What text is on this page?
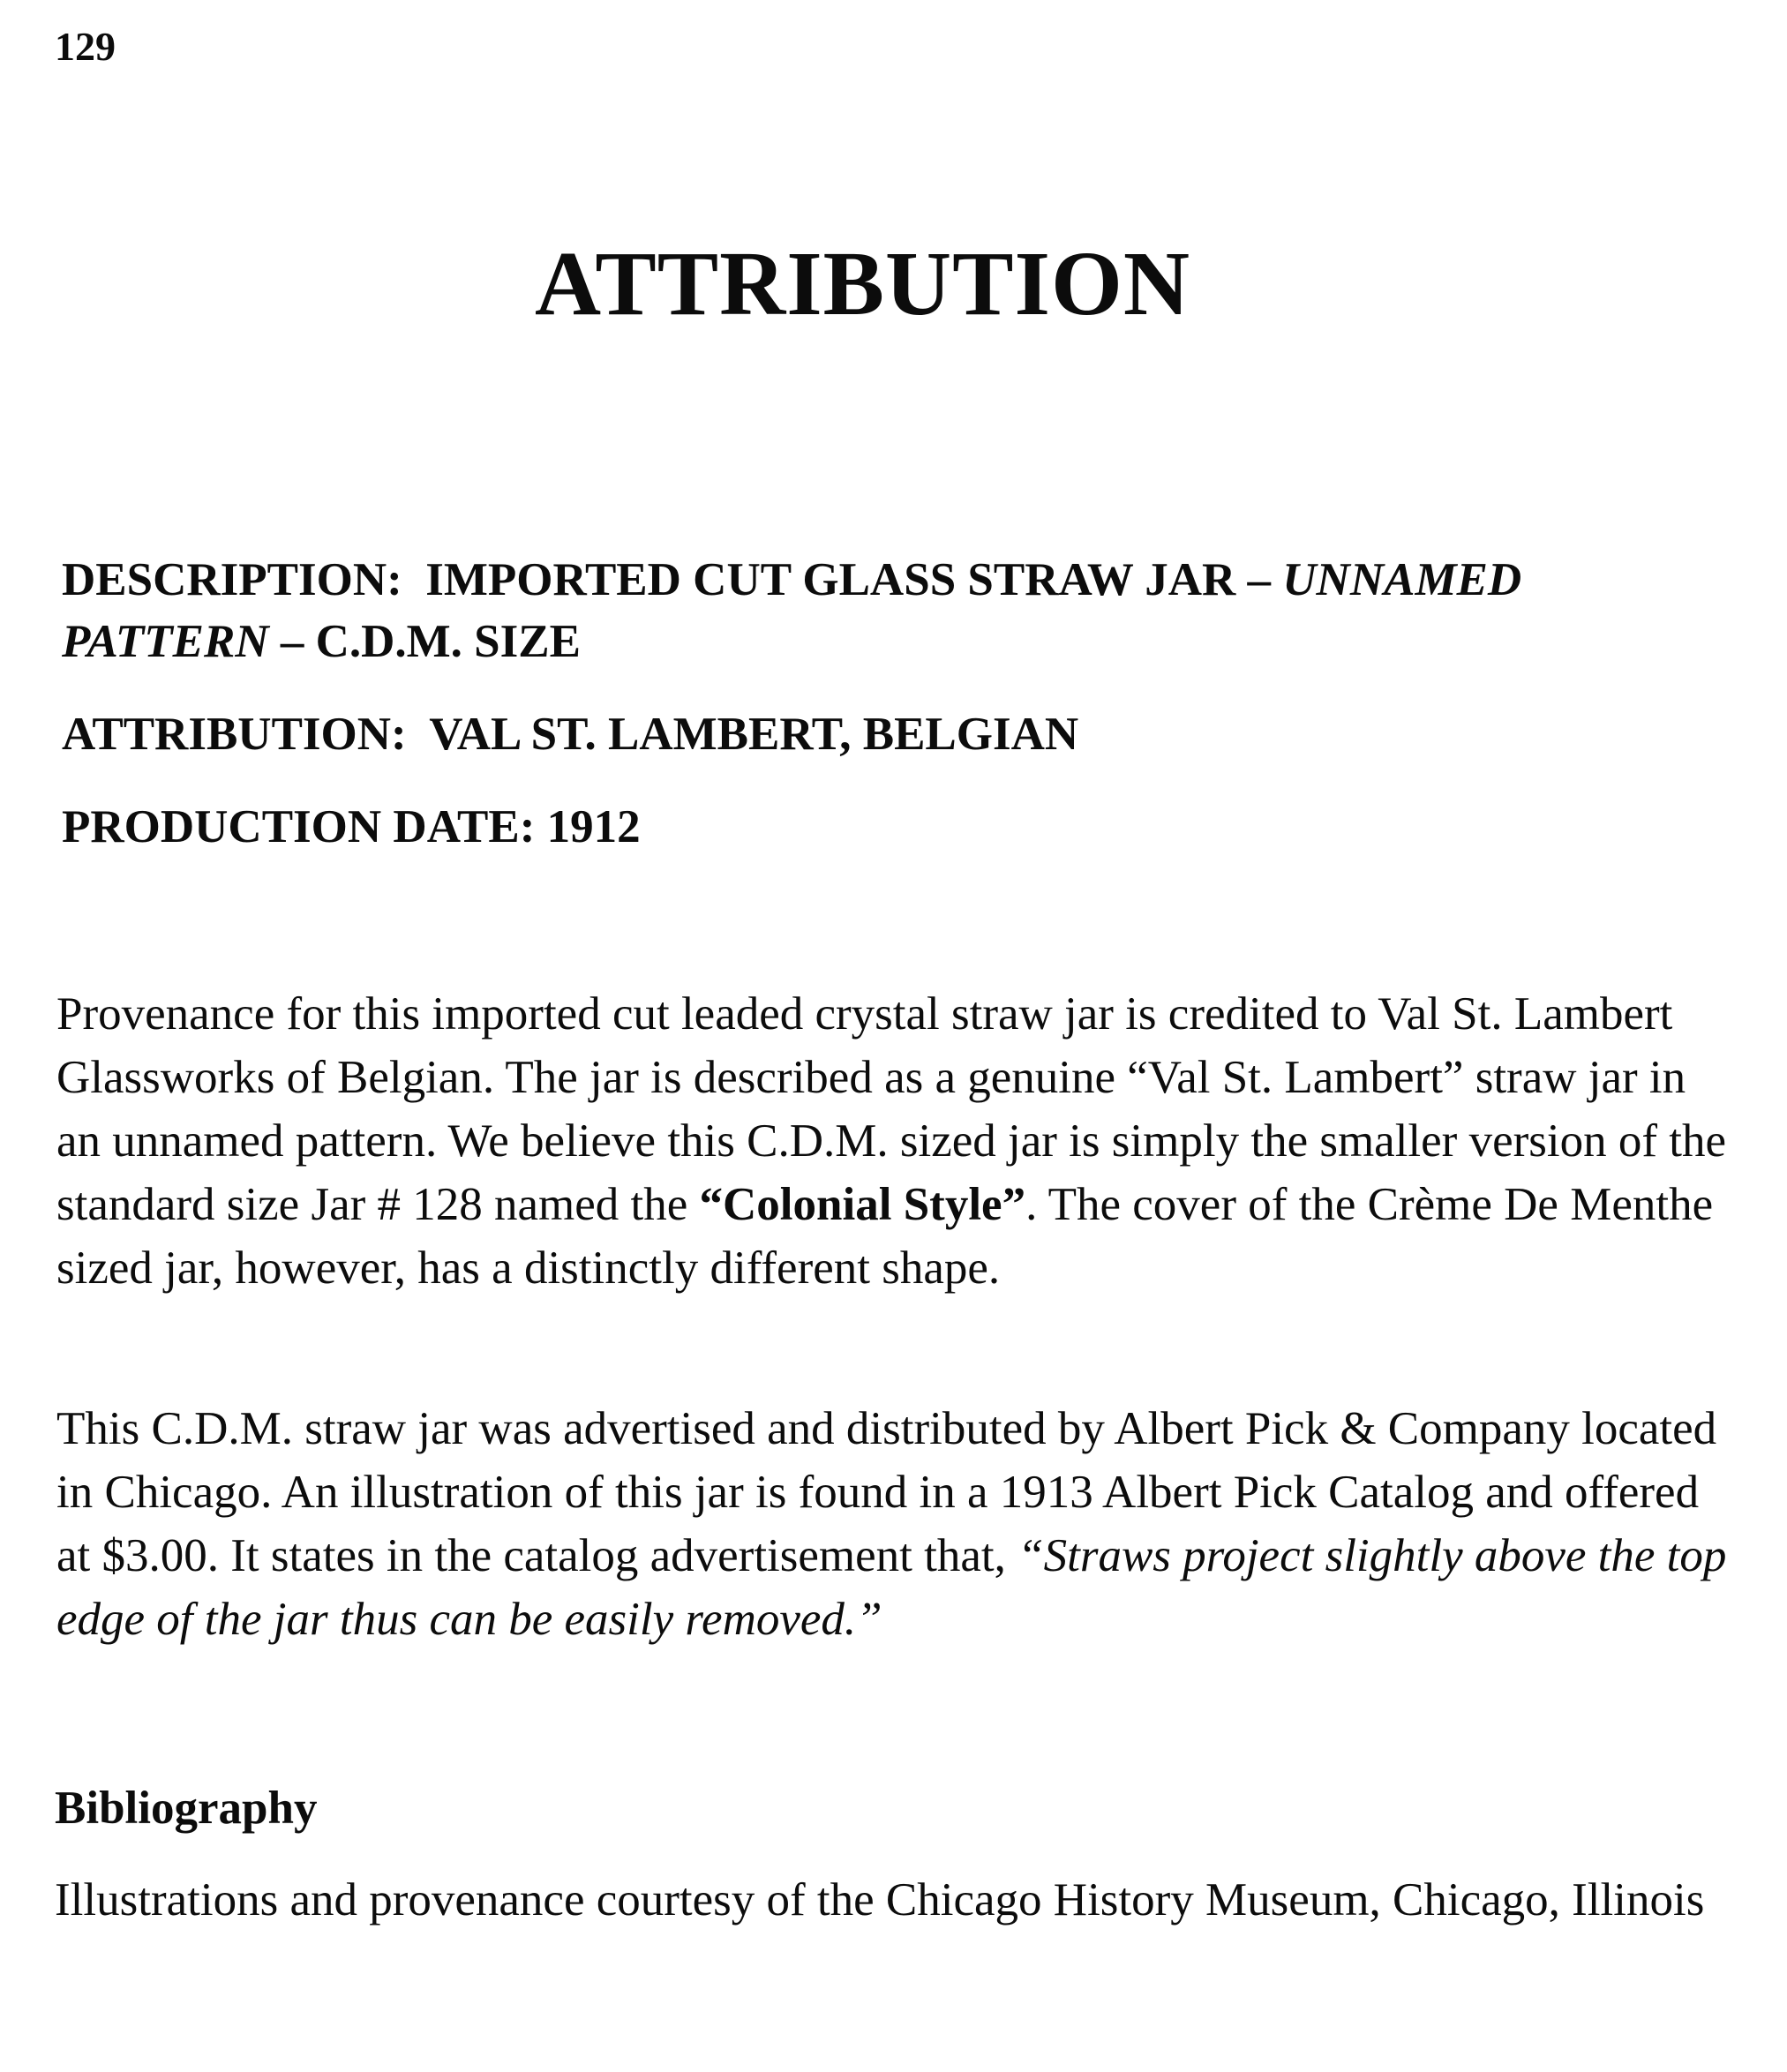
129
ATTRIBUTION
DESCRIPTION: IMPORTED CUT GLASS STRAW JAR – UNNAMED PATTERN – C.D.M. SIZE
ATTRIBUTION: VAL ST. LAMBERT, BELGIAN
PRODUCTION DATE: 1912

Provenance for this imported cut leaded crystal straw jar is credited to Val St. Lambert Glassworks of Belgian. The jar is described as a genuine “Val St. Lambert” straw jar in an unnamed pattern. We believe this C.D.M. sized jar is simply the smaller version of the standard size Jar # 128 named the “Colonial Style”. The cover of the Crème De Menthe sized jar, however, has a distinctly different shape.

This C.D.M. straw jar was advertised and distributed by Albert Pick & Company located in Chicago. An illustration of this jar is found in a 1913 Albert Pick Catalog and offered at $3.00. It states in the catalog advertisement that, “Straws project slightly above the top edge of the jar thus can be easily removed.”

Bibliography
Illustrations and provenance courtesy of the Chicago History Museum, Chicago, Illinois
